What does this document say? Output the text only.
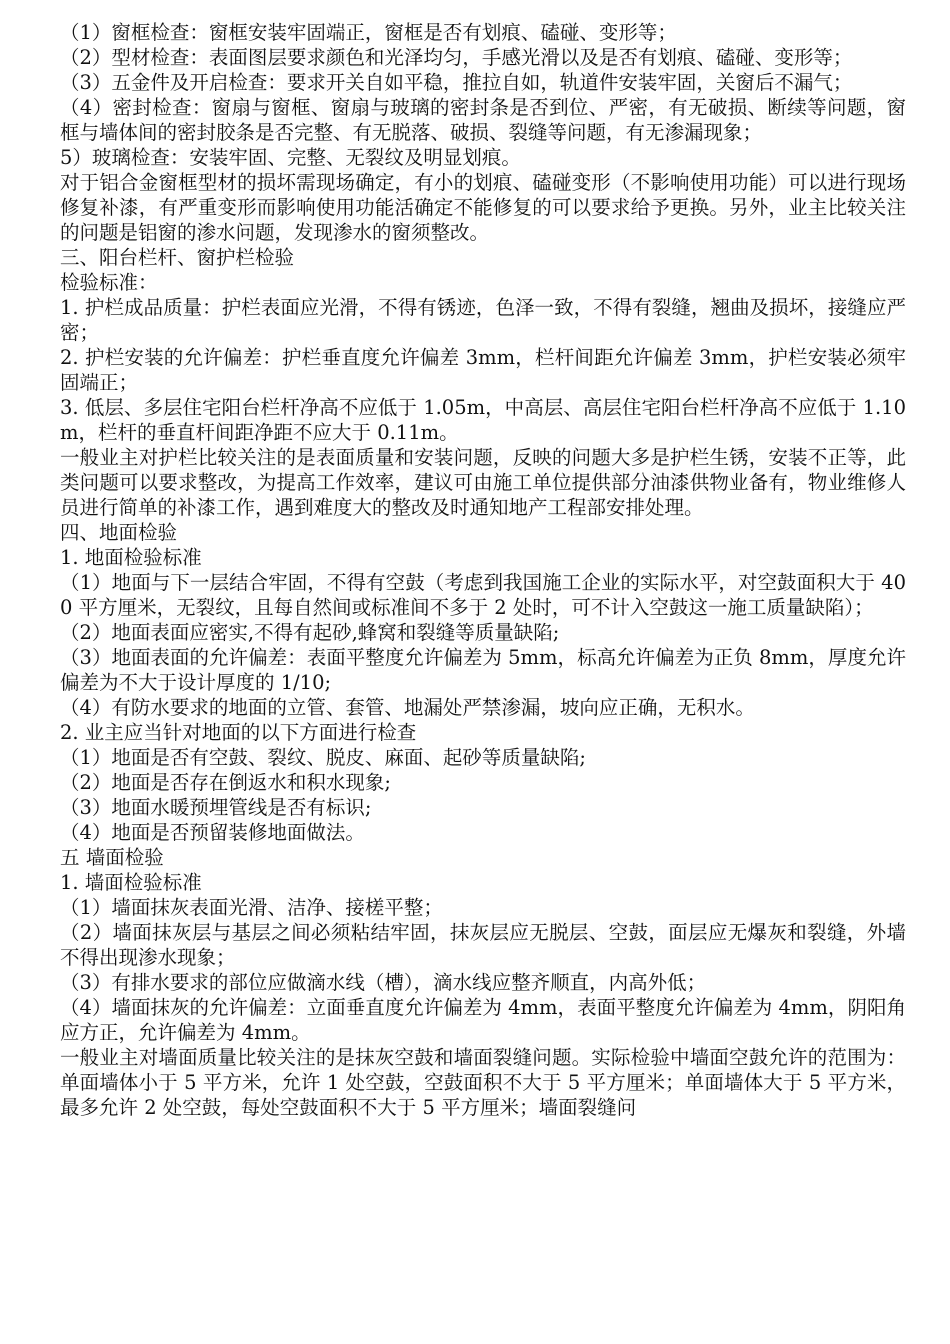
（1）窗框检查：窗框安装牢固端正，窗框是否有划痕、磕碰、变形等；

（2）型材检查：表面图层要求颜色和光泽均匀，手感光滑以及是否有划痕、磕碰、变形等；

（3）五金件及开启检查：要求开关自如平稳，推拉自如，轨道件安装牢固，关窗后不漏气；

（4）密封检查：窗扇与窗框、窗扇与玻璃的密封条是否到位、严密，有无破损、断续等问题，窗框与墙体间的密封胶条是否完整、有无脱落、破损、裂缝等问题，有无渗漏现象；

5）玻璃检查：安装牢固、完整、无裂纹及明显划痕。

对于铝合金窗框型材的损坏需现场确定，有小的划痕、磕碰变形（不影响使用功能）可以进行现场修复补漆，有严重变形而影响使用功能活确定不能修复的可以要求给予更换。另外，业主比较关注的问题是铝窗的渗水问题，发现渗水的窗须整改。

三、阳台栏杆、窗护栏检验

检验标准：

1. 护栏成品质量：护栏表面应光滑，不得有锈迹，色泽一致，不得有裂缝，翘曲及损坏，接缝应严密；

2. 护栏安装的允许偏差：护栏垂直度允许偏差 3mm，栏杆间距允许偏差 3mm，护栏安装必须牢固端正；

3. 低层、多层住宅阳台栏杆净高不应低于 1.05m，中高层、高层住宅阳台栏杆净高不应低于 1.10m，栏杆的垂直杆间距净距不应大于 0.11m。

一般业主对护栏比较关注的是表面质量和安装问题，反映的问题大多是护栏生锈，安装不正等，此类问题可以要求整改，为提高工作效率，建议可由施工单位提供部分油漆供物业备有，物业维修人员进行简单的补漆工作，遇到难度大的整改及时通知地产工程部安排处理。

四、地面检验

1. 地面检验标准

（1）地面与下一层结合牢固，不得有空鼓（考虑到我国施工企业的实际水平，对空鼓面积大于 400 平方厘米，无裂纹，且每自然间或标准间不多于 2 处时，可不计入空鼓这一施工质量缺陷）；

（2）地面表面应密实,不得有起砂,蜂窝和裂缝等质量缺陷;

（3）地面表面的允许偏差：表面平整度允许偏差为 5mm，标高允许偏差为正负 8mm，厚度允许偏差为不大于设计厚度的 1/10;

（4）有防水要求的地面的立管、套管、地漏处严禁渗漏，坡向应正确，无积水。

2. 业主应当针对地面的以下方面进行检查

（1）地面是否有空鼓、裂纹、脱皮、麻面、起砂等质量缺陷;

（2）地面是否存在倒返水和积水现象;

（3）地面水暖预埋管线是否有标识;

（4）地面是否预留装修地面做法。

五 墙面检验

1. 墙面检验标准

（1）墙面抹灰表面光滑、洁净、接槎平整；

（2）墙面抹灰层与基层之间必须粘结牢固，抹灰层应无脱层、空鼓，面层应无爆灰和裂缝，外墙不得出现渗水现象；

（3）有排水要求的部位应做滴水线（槽），滴水线应整齐顺直，内高外低；

（4）墙面抹灰的允许偏差：立面垂直度允许偏差为 4mm，表面平整度允许偏差为 4mm，阴阳角应方正，允许偏差为 4mm。

一般业主对墙面质量比较关注的是抹灰空鼓和墙面裂缝问题。实际检验中墙面空鼓允许的范围为：单面墙体小于 5 平方米，允许 1 处空鼓，空鼓面积不大于 5 平方厘米；单面墙体大于 5 平方米，最多允许 2 处空鼓，每处空鼓面积不大于 5 平方厘米；墙面裂缝问
